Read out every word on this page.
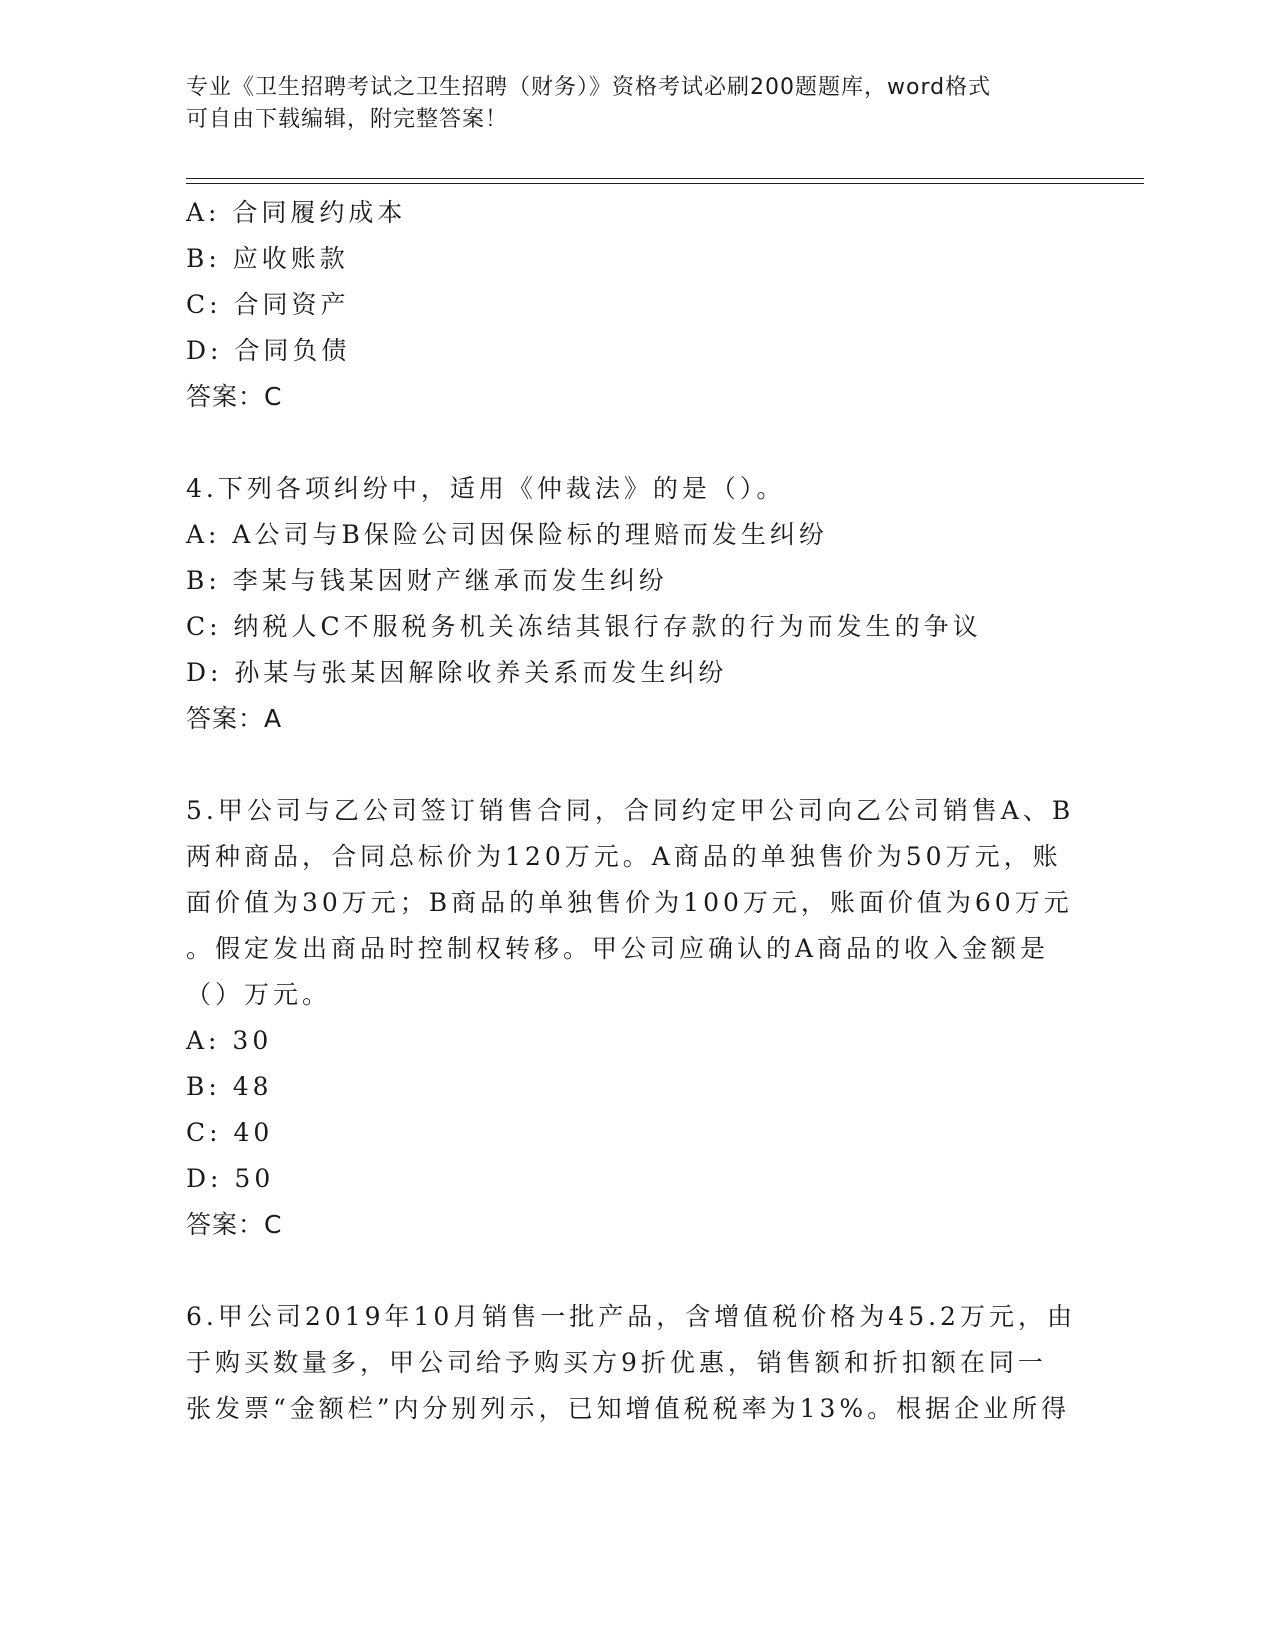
专业《卫生招聘考试之卫生招聘（财务）》资格考试必刷200题题库，word格式
可自由下载编辑，附完整答案！
A: 合同履约成本
B: 应收账款
C: 合同资产
D: 合同负债
答案：C
4.下列各项纠纷中，适用《仲裁法》的是（）。
A: A公司与B保险公司因保险标的理赔而发生纠纷
B: 李某与钱某因财产继承而发生纠纷
C: 纳税人C不服税务机关冻结其银行存款的行为而发生的争议
D: 孙某与张某因解除收养关系而发生纠纷
答案：A
5.甲公司与乙公司签订销售合同，合同约定甲公司向乙公司销售A、B
两种商品，合同总标价为120万元。A商品的单独售价为50万元，账
面价值为30万元；B商品的单独售价为100万元，账面价值为60万元
。假定发出商品时控制权转移。甲公司应确认的A商品的收入金额是
（）万元。
A: 30
B: 48
C: 40
D: 50
答案：C
6.甲公司2019年10月销售一批产品，含增值税价格为45.2万元，由
于购买数量多，甲公司给予购买方9折优惠，销售额和折扣额在同一
张发票“金额栏”内分别列示，已知增值税税率为13%。根据企业所得
